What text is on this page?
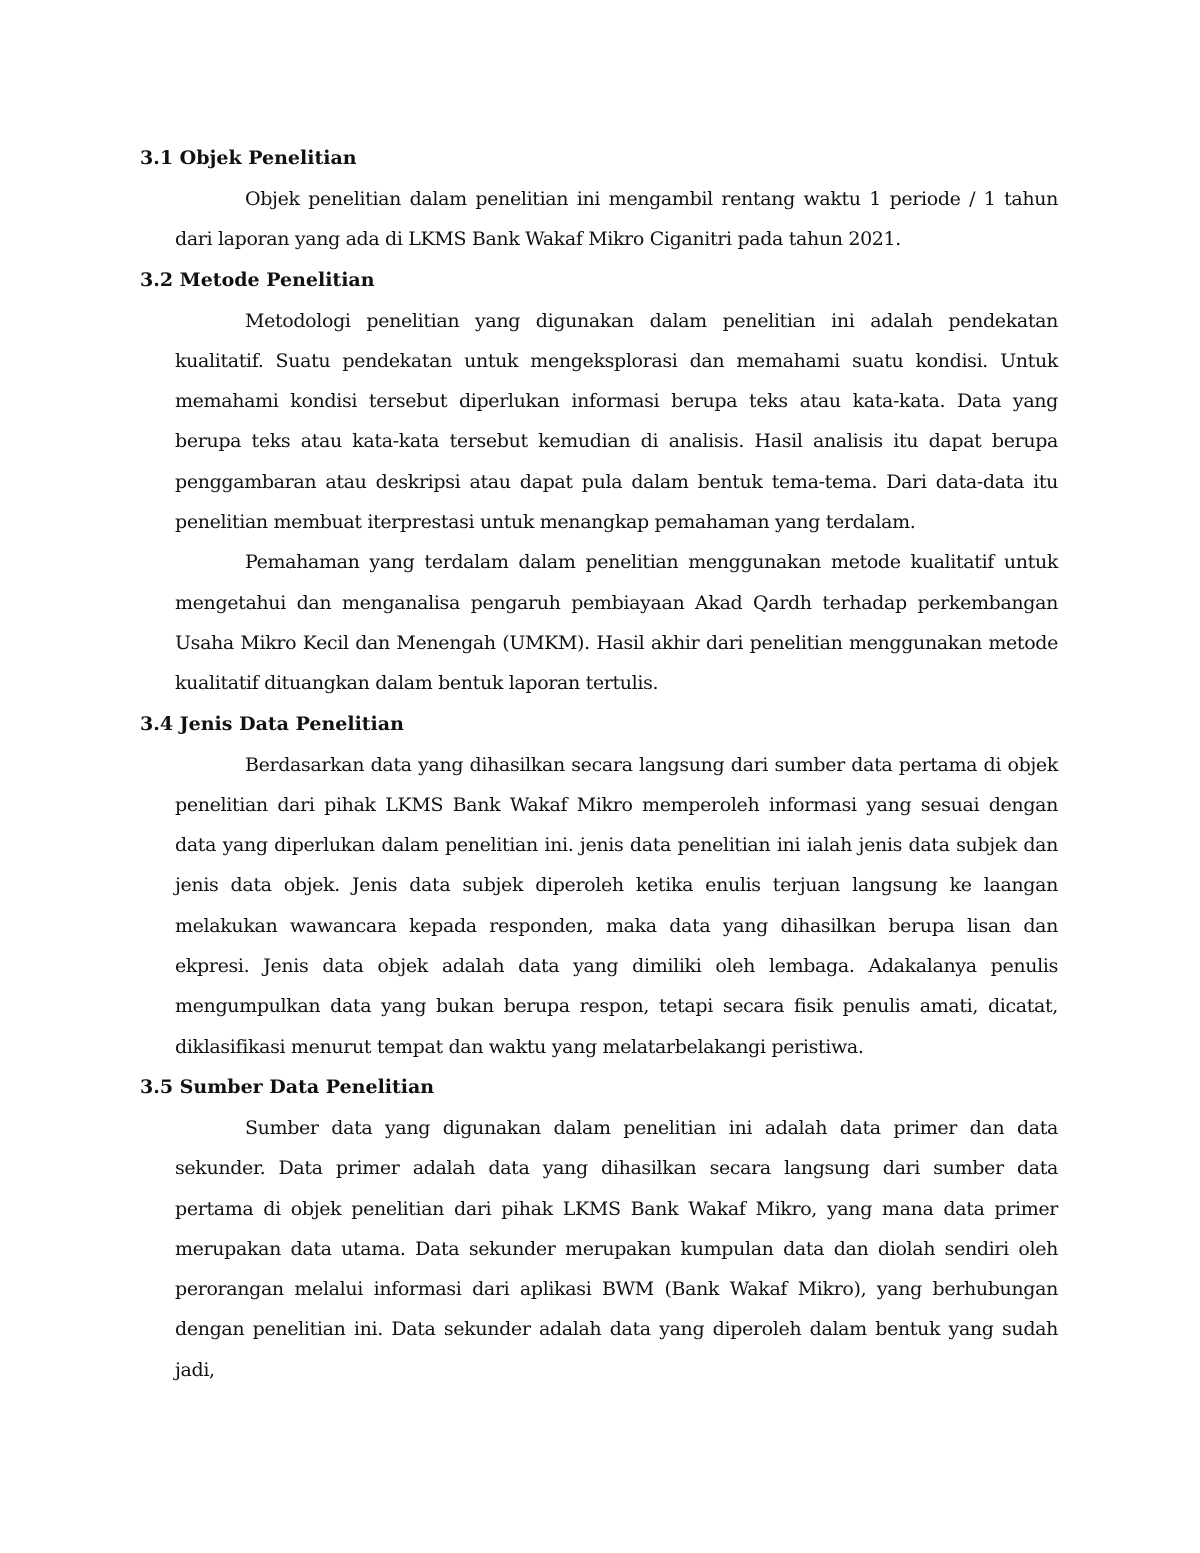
3.1 Objek Penelitian

Objek penelitian dalam penelitian ini mengambil rentang waktu 1 periode / 1 tahun dari laporan yang ada di LKMS Bank Wakaf Mikro Ciganitri pada tahun 2021.

3.2 Metode Penelitian

Metodologi penelitian yang digunakan dalam penelitian ini adalah pendekatan kualitatif. Suatu pendekatan untuk mengeksplorasi dan memahami suatu kondisi. Untuk memahami kondisi tersebut diperlukan informasi berupa teks atau kata-kata. Data yang berupa teks atau kata-kata tersebut kemudian di analisis. Hasil analisis itu dapat berupa penggambaran atau deskripsi atau dapat pula dalam bentuk tema-tema. Dari data-data itu penelitian membuat iterprestasi untuk menangkap pemahaman yang terdalam.

Pemahaman yang terdalam dalam penelitian menggunakan metode kualitatif untuk mengetahui dan menganalisa pengaruh pembiayaan Akad Qardh terhadap perkembangan Usaha Mikro Kecil dan Menengah (UMKM). Hasil akhir dari penelitian menggunakan metode kualitatif dituangkan dalam bentuk laporan tertulis.

3.4 Jenis Data Penelitian

Berdasarkan data yang dihasilkan secara langsung dari sumber data pertama di objek penelitian dari pihak LKMS Bank Wakaf Mikro memperoleh informasi yang sesuai dengan data yang diperlukan dalam penelitian ini. jenis data penelitian ini ialah jenis data subjek dan jenis data objek. Jenis data subjek diperoleh ketika enulis terjuan langsung ke laangan melakukan wawancara kepada responden, maka data yang dihasilkan berupa lisan dan ekpresi. Jenis data objek adalah data yang dimiliki oleh lembaga. Adakalanya penulis mengumpulkan data yang bukan berupa respon, tetapi secara fisik penulis amati, dicatat, diklasifikasi menurut tempat dan waktu yang melatarbelakangi peristiwa.

3.5 Sumber Data Penelitian

Sumber data yang digunakan dalam penelitian ini adalah data primer dan data sekunder. Data primer adalah data yang dihasilkan secara langsung dari sumber data pertama di objek penelitian dari pihak LKMS Bank Wakaf Mikro, yang mana data primer merupakan data utama. Data sekunder merupakan kumpulan data dan diolah sendiri oleh perorangan melalui informasi dari aplikasi BWM (Bank Wakaf Mikro), yang berhubungan dengan penelitian ini. Data sekunder adalah data yang diperoleh dalam bentuk yang sudah jadi,
